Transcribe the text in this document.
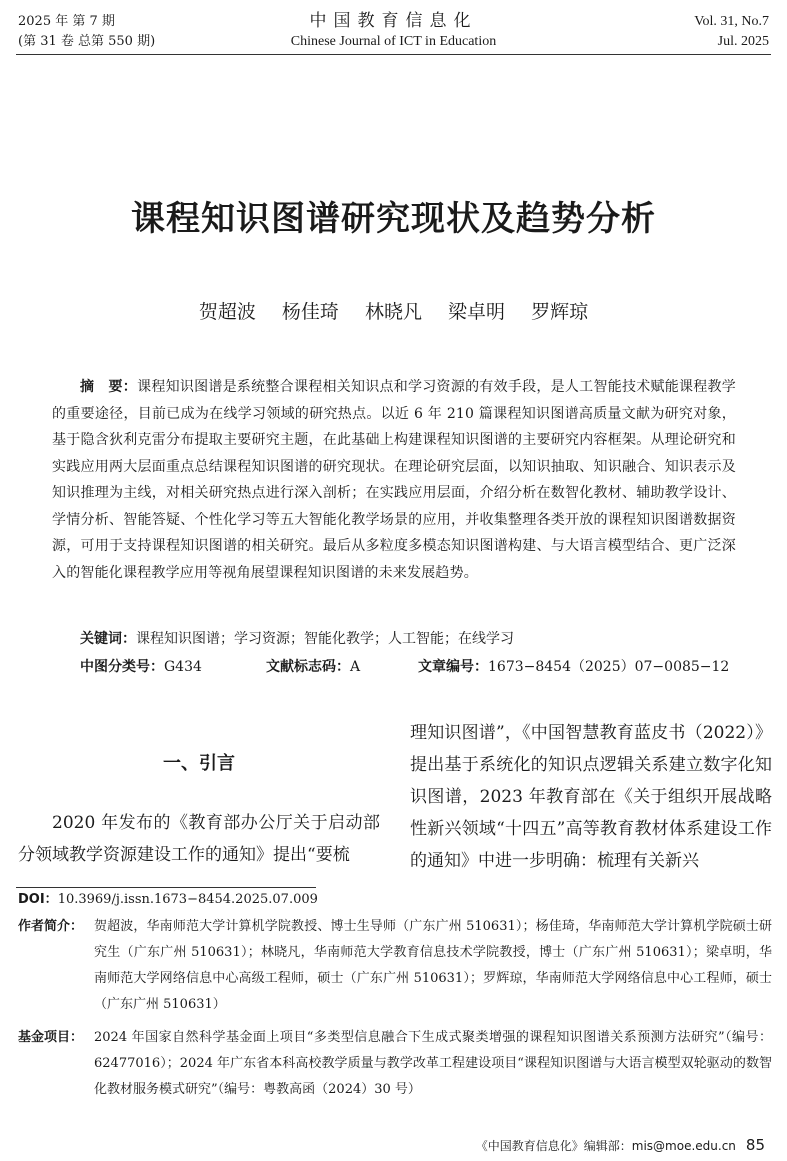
2025 年 第 7 期
(第 31 卷 总第 550 期)
中国教育信息化
Chinese Journal of ICT in Education
Vol. 31, No.7
Jul. 2025
课程知识图谱研究现状及趋势分析
贺超波 杨佳琦 林晓凡 梁卓明 罗辉琼

摘　要：课程知识图谱是系统整合课程相关知识点和学习资源的有效手段，是人工智能技术赋能课程教学的重要途径，目前已成为在线学习领域的研究热点。以近 6 年 210 篇课程知识图谱高质量文献为研究对象，基于隐含狄利克雷分布提取主要研究主题，在此基础上构建课程知识图谱的主要研究内容框架。从理论研究和实践应用两大层面重点总结课程知识图谱的研究现状。在理论研究层面，以知识抽取、知识融合、知识表示及知识推理为主线，对相关研究热点进行深入剖析；在实践应用层面，介绍分析在数智化教材、辅助教学设计、学情分析、智能答疑、个性化学习等五大智能化教学场景的应用，并收集整理各类开放的课程知识图谱数据资源，可用于支持课程知识图谱的相关研究。最后从多粒度多模态知识图谱构建、与大语言模型结合、更广泛深入的智能化课程教学应用等视角展望课程知识图谱的未来发展趋势。

关键词：课程知识图谱；学习资源；智能化教学；人工智能；在线学习
中图分类号：G434	文献标志码：A	文章编号：1673−8454（2025）07−0085−12
一、引言

2020 年发布的《教育部办公厅关于启动部分领域教学资源建设工作的通知》提出“要梳

理知识图谱”，《中国智慧教育蓝皮书（2022）》提出基于系统化的知识点逻辑关系建立数字化知识图谱，2023 年教育部在《关于组织开展战略性新兴领域“十四五”高等教育教材体系建设工作的通知》中进一步明确：梳理有关新兴

DOI：10.3969/j.issn.1673−8454.2025.07.009
作者简介： 贺超波，华南师范大学计算机学院教授、博士生导师（广东广州 510631）；杨佳琦，华南师范大学计算机学院硕士研究生（广东广州 510631）；林晓凡，华南师范大学教育信息技术学院教授，博士（广东广州 510631）；梁卓明，华南师范大学网络信息中心高级工程师，硕士（广东广州 510631）；罗辉琼，华南师范大学网络信息中心工程师，硕士（广东广州 510631）
基金项目： 2024 年国家自然科学基金面上项目“多类型信息融合下生成式聚类增强的课程知识图谱关系预测方法研究”（编号：62477016）；2024 年广东省本科高校教学质量与教学改革工程建设项目“课程知识图谱与大语言模型双轮驱动的数智化教材服务模式研究”（编号：粤教高函（2024）30 号）
《中国教育信息化》编辑部：mis@moe.edu.cn 85
